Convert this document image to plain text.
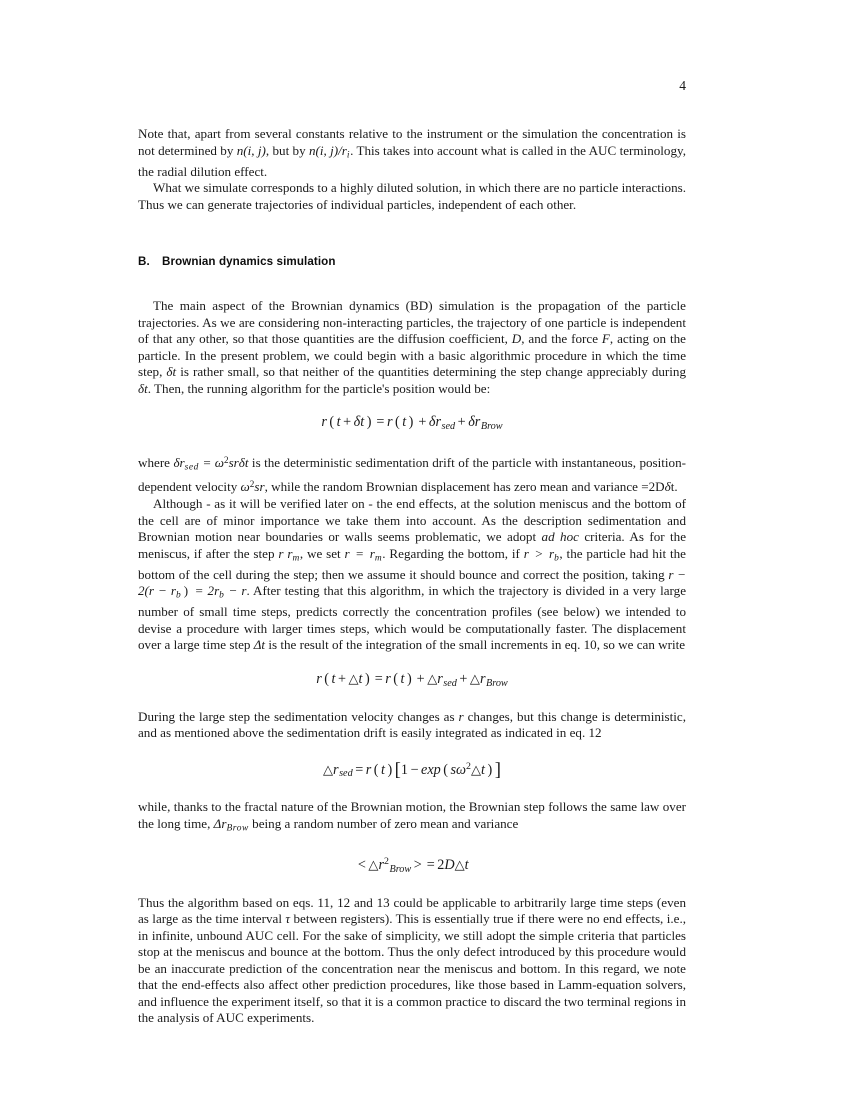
4

Note that, apart from several constants relative to the instrument or the simulation the concentration is not determined by n(i, j), but by n(i, j)/ri. This takes into account what is called in the AUC terminology, the radial dilution effect.

What we simulate corresponds to a highly diluted solution, in which there are no particle interactions. Thus we can generate trajectories of individual particles, independent of each other.

B. Brownian dynamics simulation

The main aspect of the Brownian dynamics (BD) simulation is the propagation of the particle trajectories. As we are considering non-interacting particles, the trajectory of one particle is independent of that any other, so that those quantities are the diffusion coefficient, D, and the force F, acting on the particle. In the present problem, we could begin with a basic algorithmic procedure in which the time step, δt is rather small, so that neither of the quantities determining the step change appreciably during δt. Then, the running algorithm for the particle's position would be:

r ( t + δt ) = r ( t ) + $\delta r_{sed} + \delta r_{Brow}$

where δrsed = $\omega^2sr\delta t$ is the deterministic sedimentation drift of the particle with instantaneous, position-dependent velocity $\omega^2sr$, while the random Brownian displacement has zero mean and variance =2Dδt.

Although - as it will be verified later on - the end effects, at the solution meniscus and the bottom of the cell are of minor importance we take them into account. As the description sedimentation and Brownian motion near boundaries or walls seems problematic, we adopt ad hoc criteria. As for the meniscus, if after the step r rm, we set r = rm. Regarding the bottom, if r > rb, the particle had hit the bottom of the cell during the step; then we assume it should bounce and correct the position, taking r − 2(r − rb ) = 2rb − r. After testing that this algorithm, in which the trajectory is divided in a very large number of small time steps, predicts correctly the concentration profiles (see below) we intended to devise a procedure with larger times steps, which would be computationally faster. The displacement over a large time step Δt is the result of the integration of the small increments in eq. 10, so we can write

r ( t + △t ) = r ( t ) + $\triangle r_{sed}$ + $\triangle r_{Brow}$

During the large step the sedimentation velocity changes as r changes, but this change is deterministic, and as mentioned above the sedimentation drift is easily integrated as indicated in eq. 12

$\triangle r_{sed} = r$ ( t ) [1 − exp ( $s\omega^2\triangle t$ ) ]

while, thanks to the fractal nature of the Brownian motion, the Brownian step follows the same law over the long time, ΔrBrow being a random number of zero mean and variance

< $\triangle r^2_{Brow}$ > = 2D△t

Thus the algorithm based on eqs. 11, 12 and 13 could be applicable to arbitrarily large time steps (even as large as the time interval τ between registers). This is essentially true if there were no end effects, i.e., in infinite, unbound AUC cell. For the sake of simplicity, we still adopt the simple criteria that particles stop at the meniscus and bounce at the bottom. Thus the only defect introduced by this procedure would be an inaccurate prediction of the concentration near the meniscus and bottom. In this regard, we note that the end-effects also affect other prediction procedures, like those based in Lamm-equation solvers, and influence the experiment itself, so that it is a common practice to discard the two terminal regions in the analysis of AUC experiments.
